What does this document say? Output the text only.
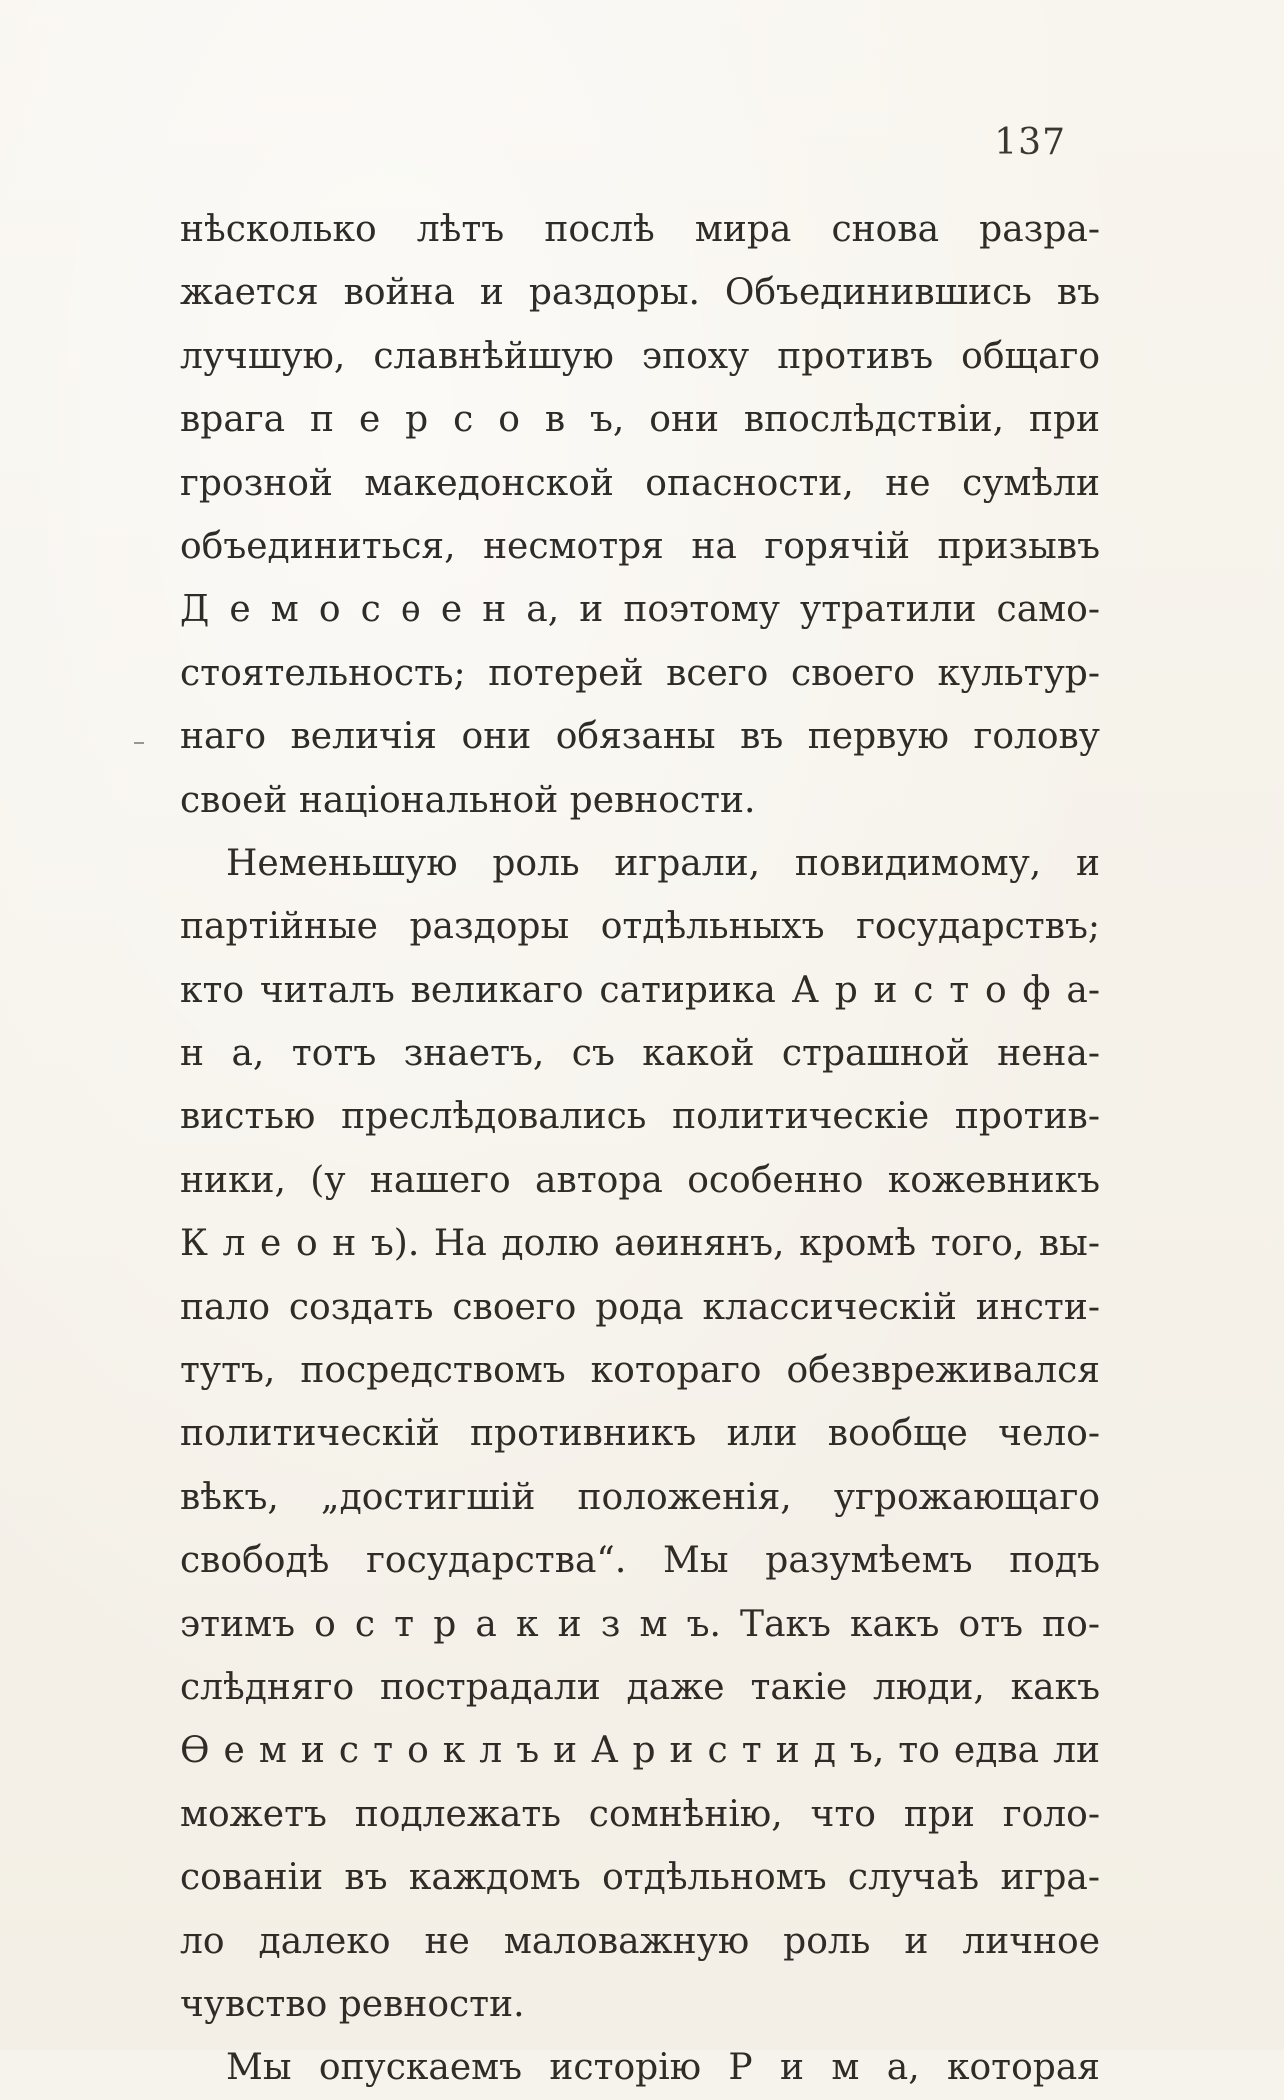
137
нѣсколько лѣтъ послѣ мира снова разра-
жается война и раздоры. Объединившись въ
лучшую, славнѣйшую эпоху противъ общаго
врага п е р с о в ъ, они впослѣдствіи, при
грозной македонской опасности, не сумѣли
объединиться, несмотря на горячій призывъ
Д е м о с ѳ е н а, и поэтому утратили само-
стоятельность; потерей всего своего культур-
наго величія они обязаны въ первую голову
своей національной ревности.
Неменьшую роль играли, повидимому, и
партійные раздоры отдѣльныхъ государствъ;
кто читалъ великаго сатирика А р и с т о ф а-
н а, тотъ знаетъ, съ какой страшной нена-
вистью преслѣдовались политическіе против-
ники, (у нашего автора особенно кожевникъ
К л е о н ъ). На долю аѳинянъ, кромѣ того, вы-
пало создать своего рода классическій инсти-
тутъ, посредствомъ котораго обезвреживался
политическій противникъ или вообще чело-
вѣкъ, „достигшій положенія, угрожающаго
свободѣ государства“. Мы разумѣемъ подъ
этимъ о с т р а к и з м ъ. Такъ какъ отъ по-
слѣдняго пострадали даже такіе люди, какъ
Ѳ е м и с т о к л ъ и А р и с т и д ъ, то едва ли
можетъ подлежать сомнѣнію, что при голо-
сованіи въ каждомъ отдѣльномъ случаѣ игра-
ло далеко не маловажную роль и личное
чувство ревности.
Мы опускаемъ исторію Р и м а, которая
